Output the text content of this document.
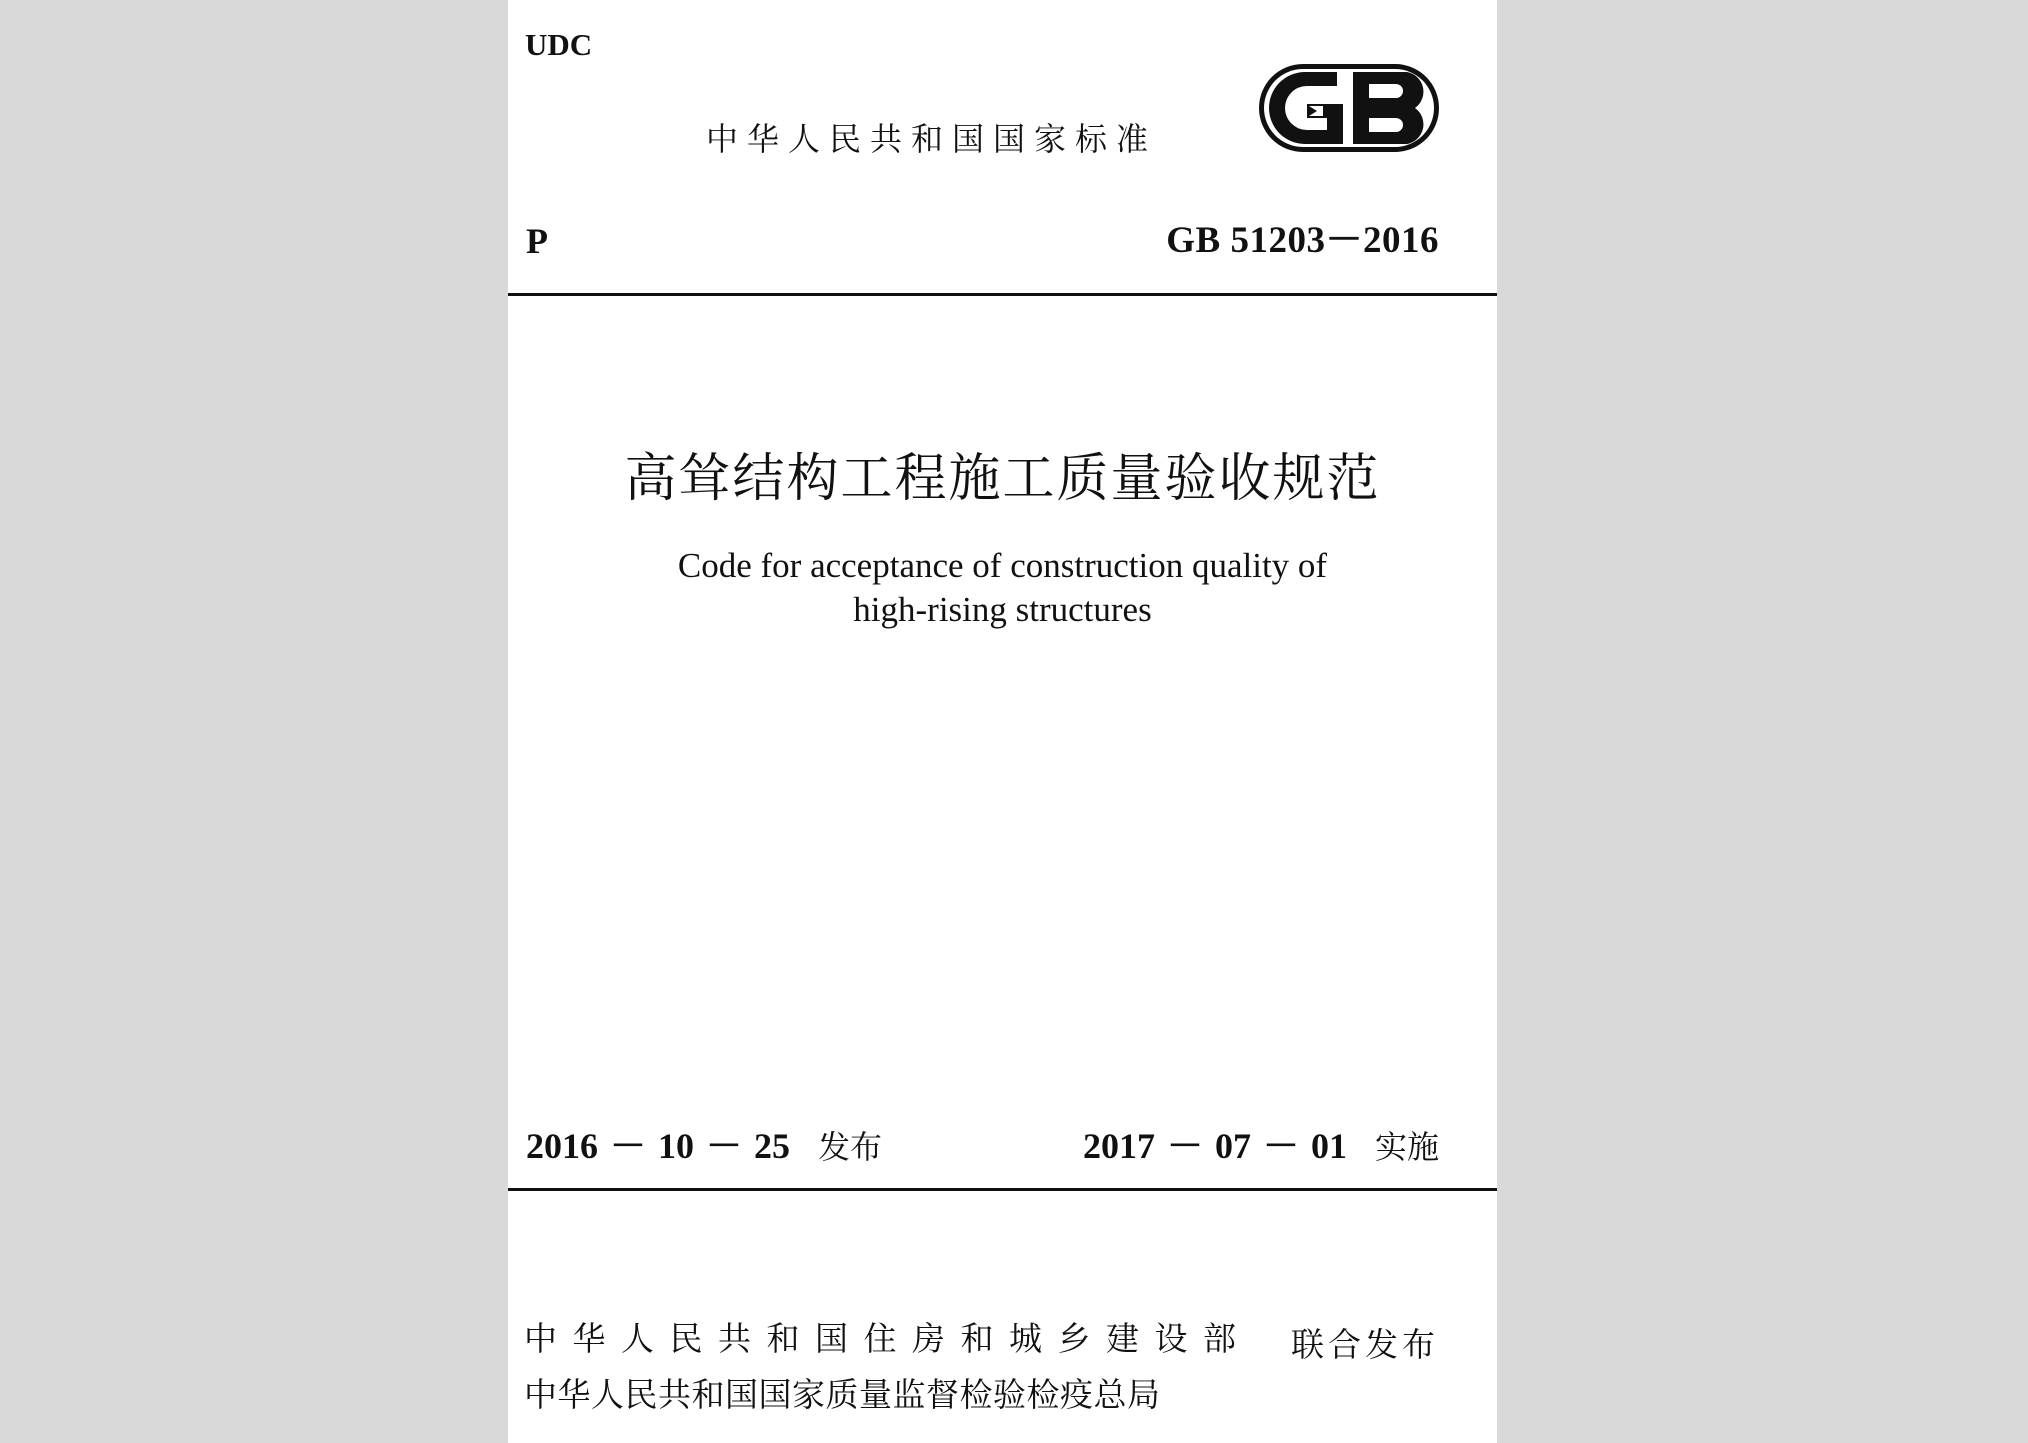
UDC
中华人民共和国国家标准
P	GB 51203－2016
高耸结构工程施工质量验收规范
Code for acceptance of construction quality of
high-rising structures
2016 － 10 － 25 发布	2017 － 07 － 01 实施
中华人民共和国住房和城乡建设部
中华人民共和国国家质量监督检验检疫总局
联合发布
